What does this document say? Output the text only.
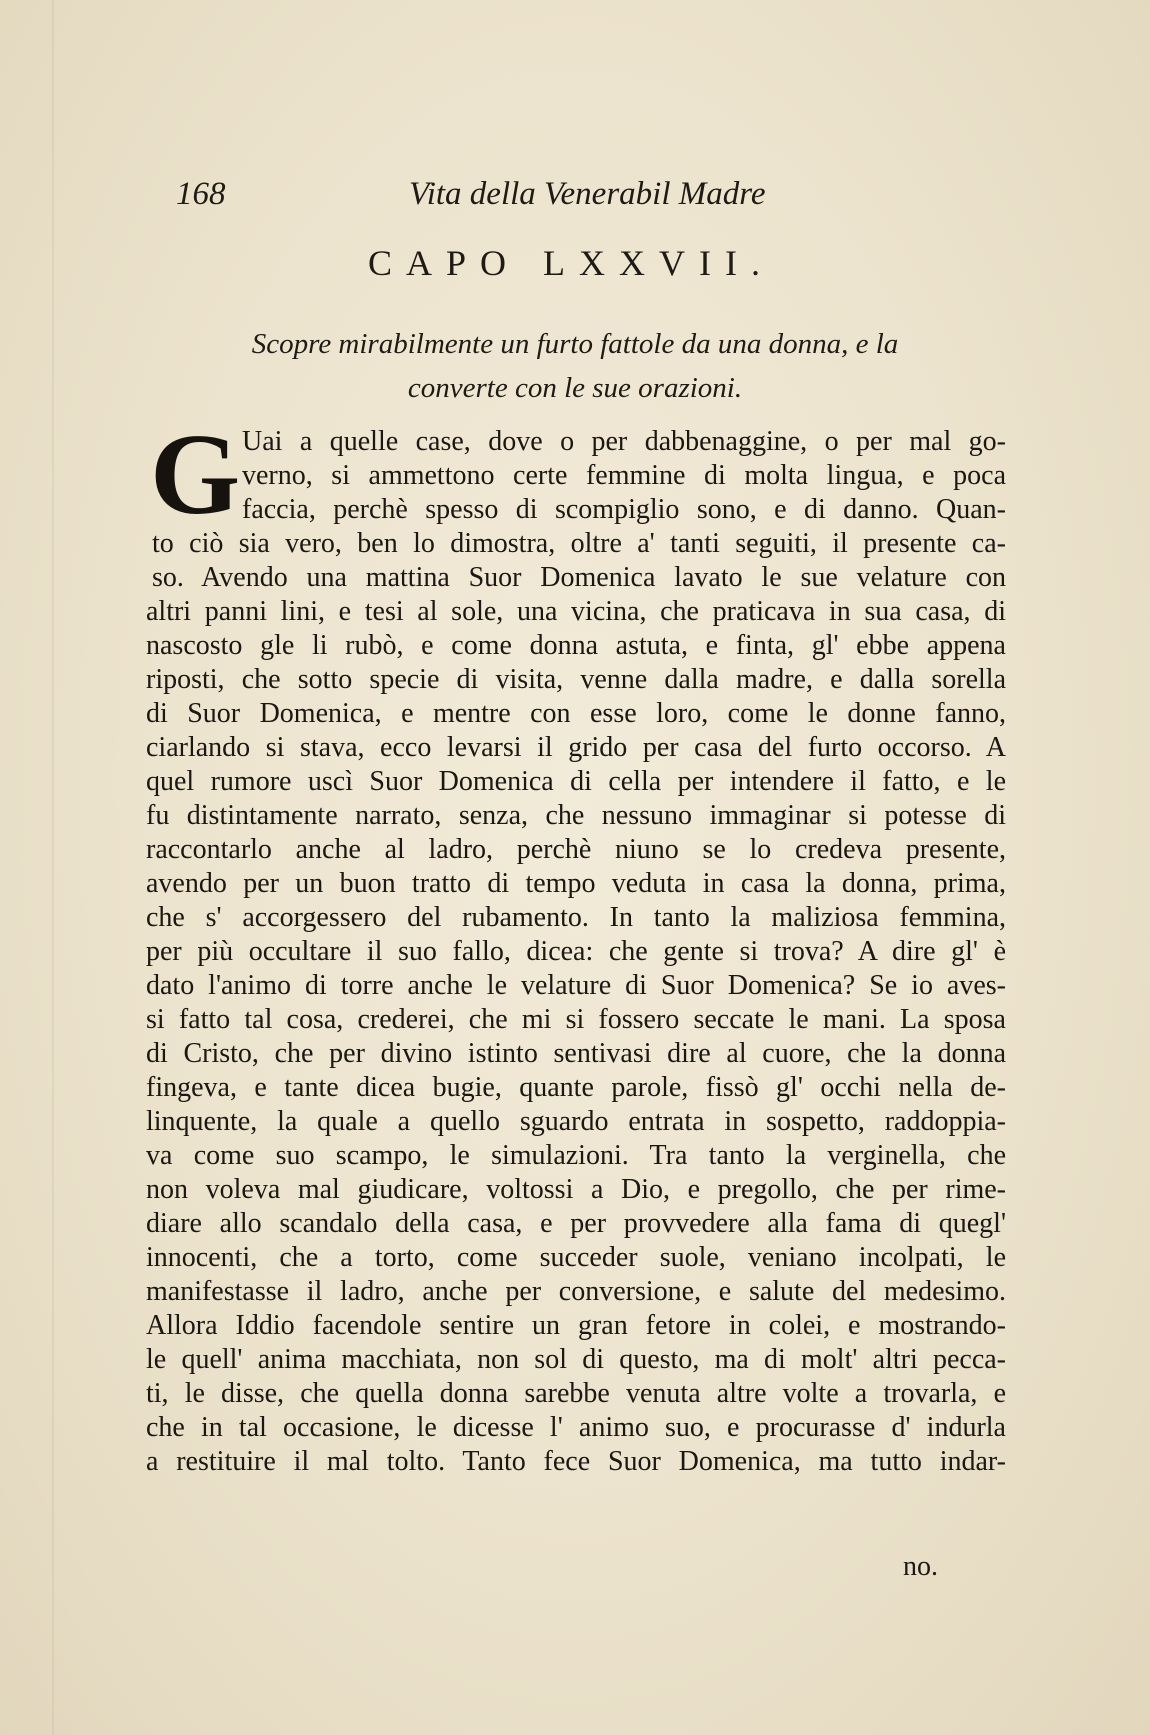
168	Vita della Venerabil Madre
CAPO LXXVII.
Scopre mirabilmente un furto fattole da una donna, e la
converte con le sue orazioni.
G Uai a quelle case, dove o per dabbenaggine, o per mal go-
verno, si ammettono certe femmine di molta lingua, e poca
faccia, perchè spesso di scompiglio sono, e di danno. Quan-
to ciò sia vero, ben lo dimostra, oltre a' tanti seguiti, il presente ca-
so. Avendo una mattina Suor Domenica lavato le sue velature con
altri panni lini, e tesi al sole, una vicina, che praticava in sua casa, di
nascosto gle li rubò, e come donna astuta, e finta, gl' ebbe appena
riposti, che sotto specie di visita, venne dalla madre, e dalla sorella
di Suor Domenica, e mentre con esse loro, come le donne fanno,
ciarlando si stava, ecco levarsi il grido per casa del furto occorso. A
quel rumore uscì Suor Domenica di cella per intendere il fatto, e le
fu distintamente narrato, senza, che nessuno immaginar si potesse di
raccontarlo anche al ladro, perchè niuno se lo credeva presente,
avendo per un buon tratto di tempo veduta in casa la donna, prima,
che s' accorgessero del rubamento. In tanto la maliziosa femmina,
per più occultare il suo fallo, dicea: che gente si trova? A dire gl' è
dato l'animo di torre anche le velature di Suor Domenica? Se io aves-
si fatto tal cosa, crederei, che mi si fossero seccate le mani. La sposa
di Cristo, che per divino istinto sentivasi dire al cuore, che la donna
fingeva, e tante dicea bugie, quante parole, fissò gl' occhi nella de-
linquente, la quale a quello sguardo entrata in sospetto, raddoppia-
va come suo scampo, le simulazioni. Tra tanto la verginella, che
non voleva mal giudicare, voltossi a Dio, e pregollo, che per rime-
diare allo scandalo della casa, e per provvedere alla fama di quegl'
innocenti, che a torto, come succeder suole, veniano incolpati, le
manifestasse il ladro, anche per conversione, e salute del medesimo.
Allora Iddio facendole sentire un gran fetore in colei, e mostrando-
le quell' anima macchiata, non sol di questo, ma di molt' altri pecca-
ti, le disse, che quella donna sarebbe venuta altre volte a trovarla, e
che in tal occasione, le dicesse l' animo suo, e procurasse d' indurla
a restituire il mal tolto. Tanto fece Suor Domenica, ma tutto indar-
no.
